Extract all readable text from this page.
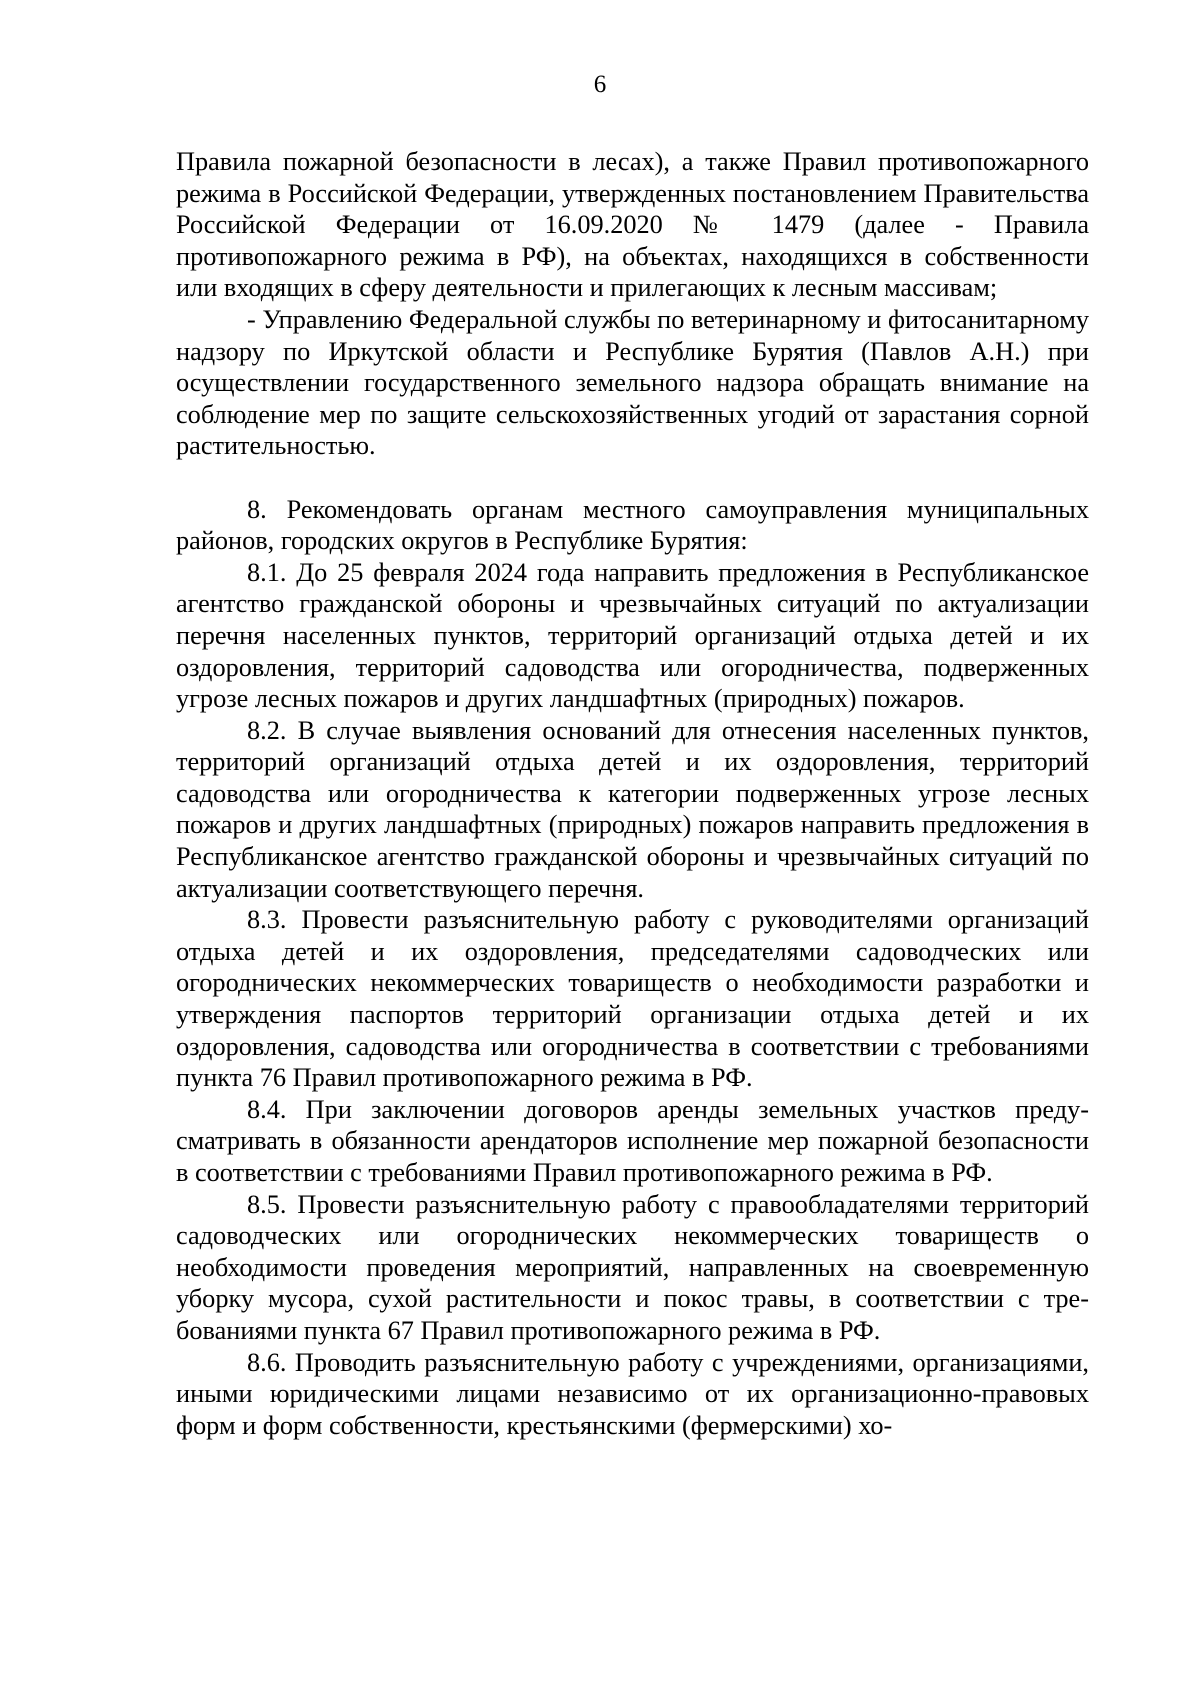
6

Правила пожарной безопасности в лесах), а также Правил противопожарного режима в Российской Федерации, утвержденных постановлением Правительства Российской Федерации от 16.09.2020 № 1479 (далее - Правила противопожарного режима в РФ), на объектах, находящихся в собственности или входящих в сферу деятельности и прилегающих к лесным массивам;

- Управлению Федеральной службы по ветеринарному и фитосанитарному надзору по Иркутской области и Республике Бурятия (Павлов А.Н.) при осуществлении государственного земельного надзора обращать внимание на соблюдение мер по защите сельскохозяйственных угодий от зарастания сорной растительностью.

8. Рекомендовать органам местного самоуправления муниципальных районов, городских округов в Республике Бурятия:

8.1. До 25 февраля 2024 года направить предложения в Республиканское агентство гражданской обороны и чрезвычайных ситуаций по актуализации перечня населенных пунктов, территорий организаций отдыха детей и их оздоровления, территорий садоводства или огородничества, подверженных угрозе лесных пожаров и других ландшафтных (природных) пожаров.

8.2. В случае выявления оснований для отнесения населенных пунктов, территорий организаций отдыха детей и их оздоровления, территорий садоводства или огородничества к категории подверженных угрозе лесных пожаров и других ландшафтных (природных) пожаров направить предложения в Республиканское агентство гражданской обороны и чрезвычайных ситуаций по актуализации соответствующего перечня.

8.3. Провести разъяснительную работу с руководителями организаций отдыха детей и их оздоровления, председателями садоводческих или огороднических некоммерческих товариществ о необходимости разработки и утверждения паспортов территорий организации отдыха детей и их оздоровления, садоводства или огородничества в соответствии с требованиями пункта 76 Правил противопожарного режима в РФ.

8.4. При заключении договоров аренды земельных участков предусматривать в обязанности арендаторов исполнение мер пожарной безопасности в соответствии с требованиями Правил противопожарного режима в РФ.

8.5. Провести разъяснительную работу с правообладателями территорий садоводческих или огороднических некоммерческих товариществ о необходимости проведения мероприятий, направленных на своевременную уборку мусора, сухой растительности и покос травы, в соответствии с требованиями пункта 67 Правил противопожарного режима в РФ.

8.6. Проводить разъяснительную работу с учреждениями, организациями, иными юридическими лицами независимо от их организационно-правовых форм и форм собственности, крестьянскими (фермерскими) хо-
